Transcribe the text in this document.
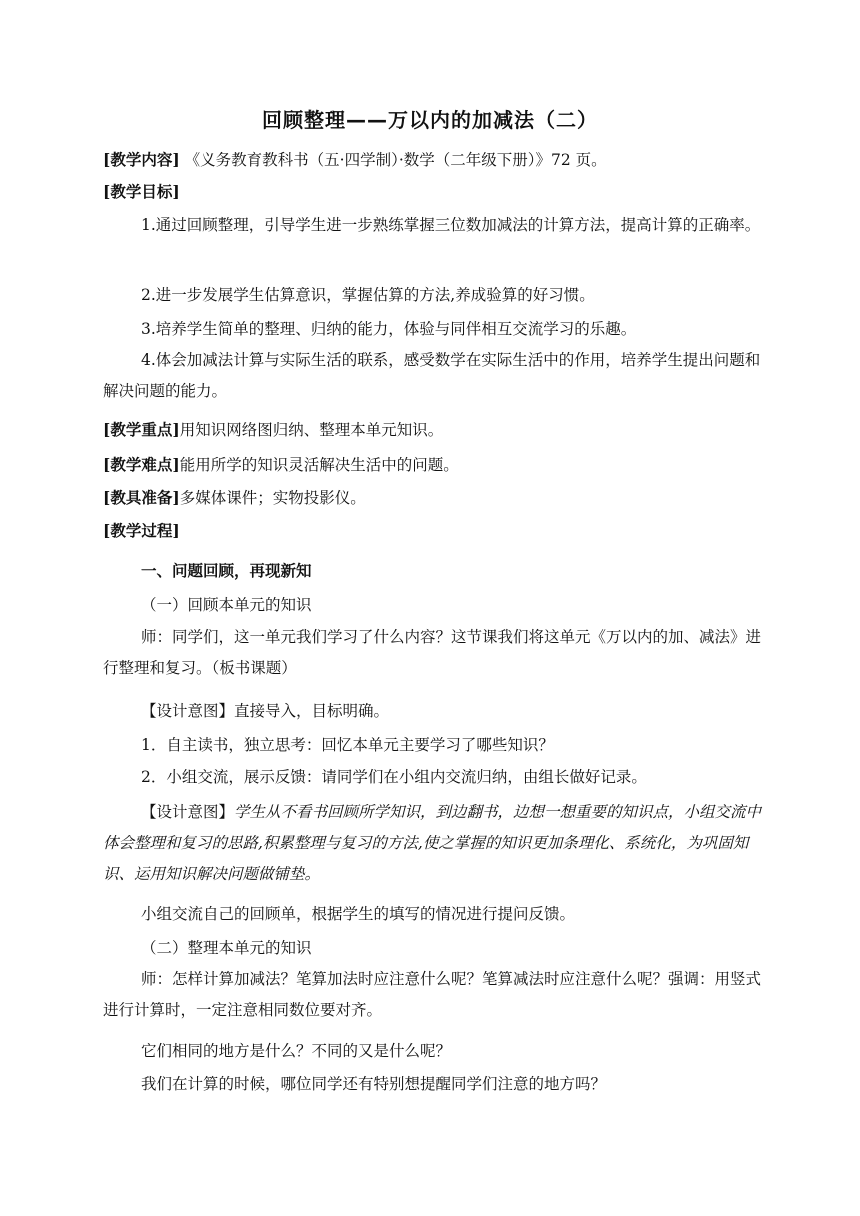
回顾整理——万以内的加减法（二）
[教学内容] 《义务教育教科书（五·四学制）·数学（二年级下册）》72 页。
[教学目标]
1.通过回顾整理，引导学生进一步熟练掌握三位数加减法的计算方法，提高计算的正确率。
2.进一步发展学生估算意识，掌握估算的方法,养成验算的好习惯。
3.培养学生简单的整理、归纳的能力，体验与同伴相互交流学习的乐趣。
4.体会加减法计算与实际生活的联系，感受数学在实际生活中的作用，培养学生提出问题和解决问题的能力。
[教学重点]用知识网络图归纳、整理本单元知识。
[教学难点]能用所学的知识灵活解决生活中的问题。
[教具准备]多媒体课件；实物投影仪。
[教学过程]
一、问题回顾，再现新知
（一）回顾本单元的知识
师：同学们，这一单元我们学习了什么内容？这节课我们将这单元《万以内的加、减法》进行整理和复习。（板书课题）
【设计意图】直接导入，目标明确。
1．自主读书，独立思考：回忆本单元主要学习了哪些知识？
2．小组交流，展示反馈：请同学们在小组内交流归纳，由组长做好记录。
【设计意图】学生从不看书回顾所学知识，到边翻书，边想一想重要的知识点，小组交流中体会整理和复习的思路,积累整理与复习的方法,使之掌握的知识更加条理化、系统化，为巩固知识、运用知识解决问题做铺垫。
小组交流自己的回顾单，根据学生的填写的情况进行提问反馈。
（二）整理本单元的知识
师：怎样计算加减法？笔算加法时应注意什么呢？笔算减法时应注意什么呢？强调：用竖式进行计算时，一定注意相同数位要对齐。
它们相同的地方是什么？不同的又是什么呢？
我们在计算的时候，哪位同学还有特别想提醒同学们注意的地方吗？
